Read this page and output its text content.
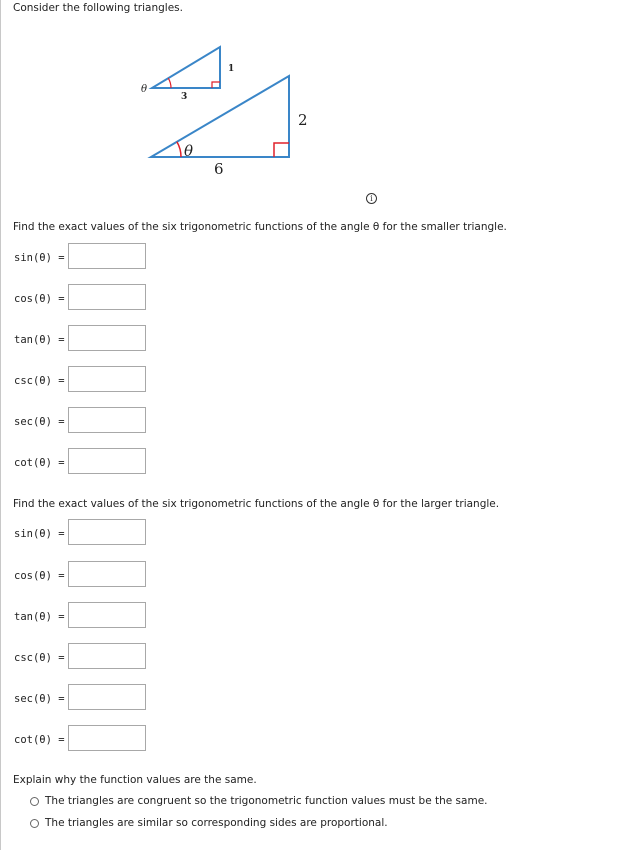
Consider the following triangles.
θ
1
3
θ
2
6
i
Find the exact values of the six trigonometric functions of the angle θ for the smaller triangle.
sin(θ) =
cos(θ) =
tan(θ) =
csc(θ) =
sec(θ) =
cot(θ) =
Find the exact values of the six trigonometric functions of the angle θ for the larger triangle.
sin(θ) =
cos(θ) =
tan(θ) =
csc(θ) =
sec(θ) =
cot(θ) =
Explain why the function values are the same.
The triangles are congruent so the trigonometric function values must be the same.
The triangles are similar so corresponding sides are proportional.
